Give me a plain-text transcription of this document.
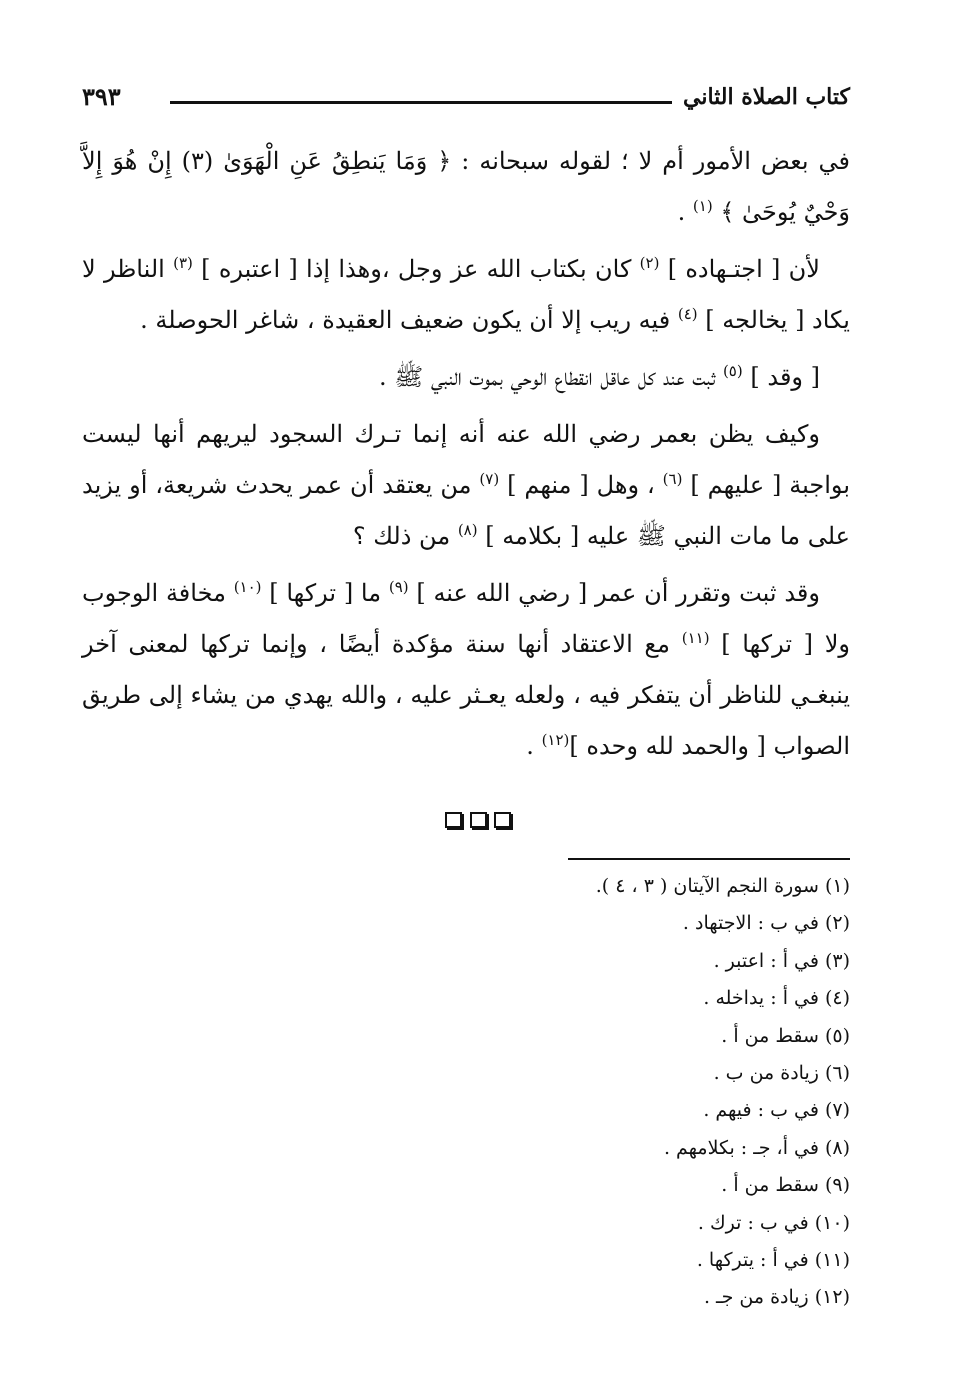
كتاب الصلاة الثاني
٣٩٣

في بعض الأمور أم لا ؛ لقوله سبحانه : ﴿ وَمَا يَنطِقُ عَنِ الْهَوَىٰ (٣) إِنْ هُوَ إِلاَّ وَحْيٌ يُوحَىٰ ﴾ $^{(١)}$ .

لأن [ اجتـهاده ] $^{(٢)}$ كان بكتاب الله عز وجل ،وهذا إذا [ اعتبره ] $^{(٣)}$ الناظر لا يكاد [ يخالجه ] $^{(٤)}$ فيه ريب إلا أن يكون ضعيف العقيدة ، شاغر الحوصلة .

[ وقد ] $^{(٥)}$ ثبت عند كل عاقل انقطاع الوحي بموت النبي ﷺ .

وكيف يظن بعمر رضي الله عنه أنه إنما تـرك السجود ليريهم أنها ليست بواجبة [ عليهم ] $^{(٦)}$ ، وهل [ منهم ] $^{(٧)}$ من يعتقد أن عمر يحدث شريعة، أو يزيد على ما مات النبي ﷺ عليه [ بكلامه ] $^{(٨)}$ من ذلك ؟

وقد ثبت وتقرر أن عمر [ رضي الله عنه ] $^{(٩)}$ ما [ تركها ] $^{(١٠)}$ مخافة الوجوب ولا [ تركها ] $^{(١١)}$ مع الاعتقاد أنها سنة مؤكدة أيضًا ، وإنما تركها لمعنى آخر ينبغـي للناظر أن يتفكر فيه ، ولعله يعـثر عليه ، والله يهدي من يشاء إلى طريق الصواب [ والحمد لله وحده ]$^{(١٢)}$ .

(١)سورة النجم الآيتان ( ٣ ، ٤ ).
(٢)في ب : الاجتهاد .
(٣)في أ : اعتبر .
(٤)في أ : يداخله .
(٥)سقط من أ .
(٦)زيادة من ب .
(٧)في ب : فيهم .
(٨)في أ، جـ : بكلامهم .
(٩)سقط من أ .
(١٠)في ب : ترك .
(١١)في أ : يتركها .
(١٢)زيادة من جـ .
